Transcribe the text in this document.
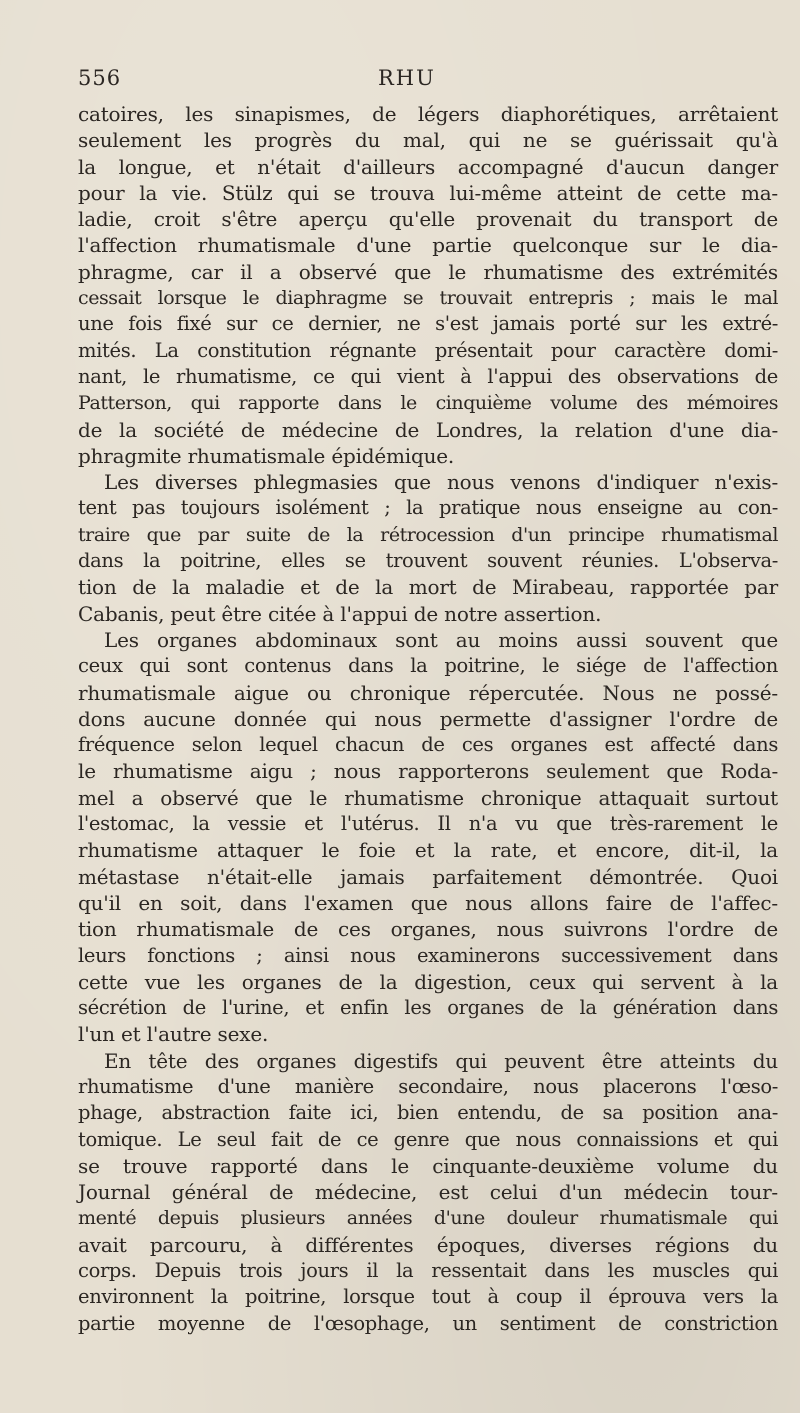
556	RHU
catoires, les sinapismes, de légers diaphorétiques, arrêtaient
seulement les progrès du mal, qui ne se guérissait qu'à
la longue, et n'était d'ailleurs accompagné d'aucun danger
pour la vie. Stülz qui se trouva lui-même atteint de cette ma-
ladie, croit s'être aperçu qu'elle provenait du transport de
l'affection rhumatismale d'une partie quelconque sur le dia-
phragme, car il a observé que le rhumatisme des extrémités
cessait lorsque le diaphragme se trouvait entrepris ; mais le mal
une fois fixé sur ce dernier, ne s'est jamais porté sur les extré-
mités. La constitution régnante présentait pour caractère domi-
nant, le rhumatisme, ce qui vient à l'appui des observations de
Patterson, qui rapporte dans le cinquième volume des mémoires
de la société de médecine de Londres, la relation d'une dia-
phragmite rhumatismale épidémique.
Les diverses phlegmasies que nous venons d'indiquer n'exis-
tent pas toujours isolément ; la pratique nous enseigne au con-
traire que par suite de la rétrocession d'un principe rhumatismal
dans la poitrine, elles se trouvent souvent réunies. L'observa-
tion de la maladie et de la mort de Mirabeau, rapportée par
Cabanis, peut être citée à l'appui de notre assertion.
Les organes abdominaux sont au moins aussi souvent que
ceux qui sont contenus dans la poitrine, le siége de l'affection
rhumatismale aigue ou chronique répercutée. Nous ne possé-
dons aucune donnée qui nous permette d'assigner l'ordre de
fréquence selon lequel chacun de ces organes est affecté dans
le rhumatisme aigu ; nous rapporterons seulement que Roda-
mel a observé que le rhumatisme chronique attaquait surtout
l'estomac, la vessie et l'utérus. Il n'a vu que très-rarement le
rhumatisme attaquer le foie et la rate, et encore, dit-il, la
métastase n'était-elle jamais parfaitement démontrée. Quoi
qu'il en soit, dans l'examen que nous allons faire de l'affec-
tion rhumatismale de ces organes, nous suivrons l'ordre de
leurs fonctions ; ainsi nous examinerons successivement dans
cette vue les organes de la digestion, ceux qui servent à la
sécrétion de l'urine, et enfin les organes de la génération dans
l'un et l'autre sexe.
En tête des organes digestifs qui peuvent être atteints du
rhumatisme d'une manière secondaire, nous placerons l'œso-
phage, abstraction faite ici, bien entendu, de sa position ana-
tomique. Le seul fait de ce genre que nous connaissions et qui
se trouve rapporté dans le cinquante-deuxième volume du
Journal général de médecine, est celui d'un médecin tour-
menté depuis plusieurs années d'une douleur rhumatismale qui
avait parcouru, à différentes époques, diverses régions du
corps. Depuis trois jours il la ressentait dans les muscles qui
environnent la poitrine, lorsque tout à coup il éprouva vers la
partie moyenne de l'œsophage, un sentiment de constriction
